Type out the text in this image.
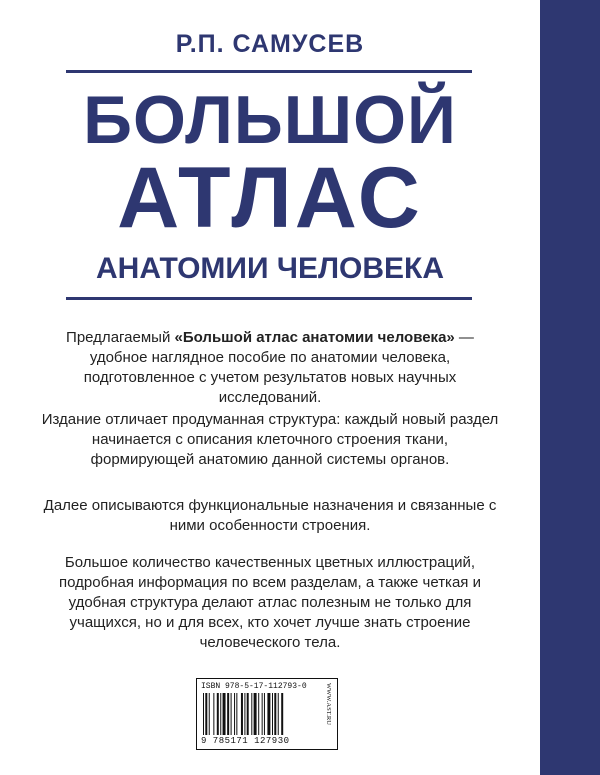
Р.П. САМУСЕВ
БОЛЬШОЙ
АТЛАС
АНАТОМИИ ЧЕЛОВЕКА
Предлагаемый «Большой атлас анатомии человека» — удобное наглядное пособие по анатомии человека, подготовленное с учетом результатов новых научных исследований.
Издание отличает продуманная структура: каждый новый раздел начинается с описания клеточного строения ткани, формирующей анатомию данной системы органов.
Далее описываются функциональные назначения и связанные с ними особенности строения.
Большое количество качественных цветных иллюстраций, подробная информация по всем разделам, а также четкая и удобная структура делают атлас полезным не только для учащихся, но и для всех, кто хочет лучше знать строение человеческого тела.
ISBN 978-5-17-112793-0
9 785171 127930
WWW.AST.RU
